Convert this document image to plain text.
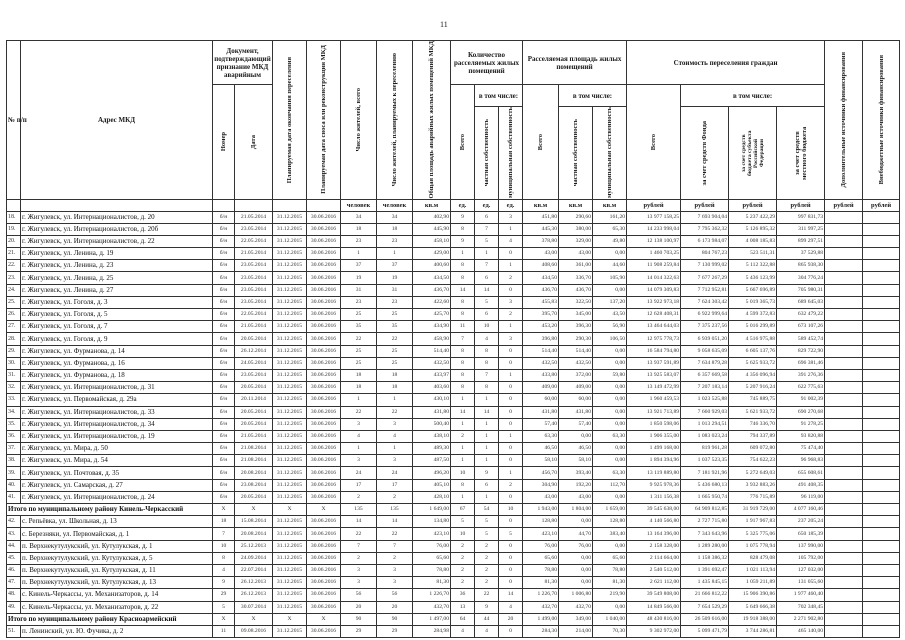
11
№ п/п	Адрес МКД	Документ, подтверждающий признание МКД аварийным		Планируемая дата окончания переселения	Планируемая дата сноса или реконструкции МКД	Число жителей, всего	Число жителей, планируемых к переселению	Общая площадь аварийных жилых помещений МКД	Количество расселяемых жилых помещений			Расселяемая площадь жилых помещений			Стоимость переселения граждан				Дополнительные источники финансирования	Внебюджетные источники финансирования

		Номер	Дата						Всего	в том числе:		Всего	в том числе:		Всего	в том числе:				

										частная собственность	муниципальная собственность		частная собственность	муниципальная собственность		за счет средств Фонда	за счет средств бюджета субъекта Российской Федерации	за счет средств местного бюджета		

						человек	человек	кв.м	ед.	ед.	ед.	кв.м	кв.м	кв.м	рублей	рублей	рублей	рублей	рублей	рублей
18.	г. Жигулевск, ул. Интернационалистов, д. 20	б/н	21.05.2014	31.12.2015	30.06.2016	34	34	402,90	9	6	3	451,80	290,60	161,20	13 977 158,25	7 693 904,04	5 237 422,29	997 831,73		
19.	г. Жигулевск, ул. Интернационалистов, д. 20б	б/н	23.05.2014	31.12.2015	30.06.2016	18	18	445,90	8	7	1	445,30	380,00	65,30	14 233 998,04	7 795 362,32	5 126 895,32	311 997,25		
20.	г. Жигулевск, ул. Интернационалистов, д. 22	б/н	22.05.2014	31.12.2015	30.06.2016	23	23	458,10	9	5	4	378,80	329,00	49,80	12 138 100,97	6 173 984,07	4 008 185,83	899 297,51		
21.	г. Жигулевск, ул. Ленина, д. 19	б/н	21.05.2014	31.12.2015	30.06.2016	1	1	429,00	1	1	0	43,00	43,00	0,00	1 460 703,25	804 767,23	523 511,31	37 529,88		
22.	г. Жигулевск, ул. Ленина, д. 23	б/н	23.05.2014	31.12.2015	30.06.2016	37	37	400,60	8	7	1	408,60	361,00	44,60	11 908 259,84	7 130 999,02	5 112 322,88	865 938,30		
23.	г. Жигулевск, ул. Ленина, д. 25	б/н	23.05.2014	31.12.2015	30.06.2016	19	19	434,50	8	6	2	434,50	336,70	105,90	14 014 322,63	7 677 267,29	5 436 123,99	304 776,24		
24.	г. Жигулевск, ул. Ленина, д. 27	б/н	23.05.2014	31.12.2015	30.06.2016	31	31	436,70	14	14	0	436,70	436,70	0,00	14 079 309,83	7 712 952,81	5 667 696,89	705 980,31		
25.	г. Жигулевск, ул. Гоголя, д. 3	б/н	23.05.2014	31.12.2015	30.06.2016	23	23	422,60	8	5	3	455,83	322,50	137,20	13 922 973,18	7 624 303,42	5 019 365,73	689 645,03		
26.	г. Жигулевск, ул. Гоголя, д. 5	б/н	22.05.2014	31.12.2015	30.06.2016	25	25	425,70	8	6	2	395,70	345,00	43,50	12 628 408,31	6 922 999,64	4 599 372,83	632 479,22		
27.	г. Жигулевск, ул. Гоголя, д. 7	б/н	21.05.2014	31.12.2015	30.06.2016	35	35	434,90	11	10	1	453,20	396,30	56,90	13 464 644,03	7 375 237,56	5 016 299,89	673 107,26		
28.	г. Жигулевск, ул. Гоголя, д. 9	б/н	20.05.2014	31.12.2015	30.06.2016	22	22	458,90	7	4	3	396,80	290,30	106,50	12 975 778,73	6 939 051,20	4 516 975,88	589 452,74		
29.	г. Жигулевск, ул. Фурманова, д. 14	б/н	26.12.2014	31.12.2015	30.06.2016	25	25	514,40	8	8	0	514,40	514,40	0,00	16 584 794,80	9 058 635,09	6 605 137,76	829 722,90		
30.	г. Жигулевск, ул. Фурманова, д. 16	б/н	24.05.2014	31.12.2015	30.06.2016	25	25	432,50	8	8	0	432,50	432,50	0,00	13 937 591,89	7 634 879,28	5 625 933,72	696 381,46		
31.	г. Жигулевск, ул. Фурманова, д. 18	б/н	23.05.2014	31.12.2015	30.06.2016	18	18	433,97	8	7	1	433,80	372,00	59,80	13 925 583,07	6 357 669,58	4 356 096,94	391 276,36		
32.	г. Жигулевск, ул. Интернационалистов, д. 31	б/н	20.05.2014	31.12.2015	30.06.2016	18	18	403,60	8	8	0	409,00	409,00	0,00	13 149 472,99	7 207 183,14	5 207 916,24	622 775,63		
33.	г. Жигулевск, ул. Первомайская, д. 29а	б/н	20.11.2014	31.12.2015	30.06.2016	1	1	430,10	1	1	0	60,00	60,00	0,00	1 960 459,53	1 023 525,88	745 889,75	91 002,39		
34.	г. Жигулевск, ул. Интернационалистов, д. 33	б/н	20.05.2014	31.12.2015	30.06.2016	22	22	431,80	14	14	0	431,80	431,80	0,00	13 921 713,89	7 660 929,03	5 621 933,72	690 270,68		
35.	г. Жигулевск, ул. Интернационалистов, д. 34	б/н	20.05.2014	31.12.2015	30.06.2016	3	3	500,40	1	1	0	57,40	57,40	0,00	1 850 598,06	1 013 294,51	746 336,70	91 278,25		
36.	г. Жигулевск, ул. Интернационалистов, д. 19	б/н	21.05.2014	31.12.2015	30.06.2016	4	4	438,10	2	1	1	63,30	0,00	63,30	1 906 355,00	1 083 023,24	794 337,89	93 820,88		
37.	г. Жигулевск, ул. Мира, д. 50	б/н	21.08.2014	31.12.2015	30.06.2016	1	1	489,30	1	1	0	46,50	46,50	0,00	1 499 168,00	819 961,28	609 072,80	75 474,40		
38.	г. Жигулевск, ул. Мира, д. 54	б/н	21.08.2014	31.12.2015	30.06.2016	3	3	487,50	1	1	0	58,10	58,10	0,00	1 894 394,96	1 037 523,35	754 622,23	96 968,83		
39.	г. Жигулевск, ул. Почтовая, д. 35	б/н	20.08.2014	31.12.2015	30.06.2016	24	24	496,20	10	9	1	456,70	393,40	63,30	13 119 889,80	7 181 921,96	5 272 649,03	655 608,61		
40.	г. Жигулевск, ул. Самарская, д. 27	б/н	23.08.2014	31.12.2015	30.06.2016	17	17	405,10	8	6	2	304,90	192,20	112,70	9 925 978,36	5 436 680,13	3 932 883,26	491 408,35		
41.	г. Жигулевск, ул. Интернационалистов, д. 24	б/н	20.05.2014	31.12.2015	30.06.2016	2	2	428,10	1	1	0	43,00	43,00	0,00	1 311 156,38	1 665 950,74	776 715,89	96 119,00		
Итого по муниципальному району Кинель-Черкасский		X	X	X	X	135	135	1 649,00	67	54	10	1 943,00	1 804,00	1 659,00	39 545 638,00	64 909 812,85	31 919 729,00	4 077 160,46		
42.	с. Репьёвка, ул. Школьная, д. 13	18	15.08.2014	31.12.2015	30.06.2016	14	14	134,80	5	5	0	128,80	0,00	128,80	4 140 566,80	2 727 715,80	1 917 967,83	237 205,24		
43.	с. Березняки, ул. Первомайская, д. 1	7	20.08.2014	31.12.2015	30.06.2016	22	22	423,10	10	5	5	423,10	44,70	383,40	13 164 396,00	7 343 643,96	5 325 775,06	650 185,39		
44.	п. Верхнекутулукский, ул. Кутулукская, д. 1	10	25.12.2013	31.12.2015	30.06.2016	7	7	76,00	2	2	0	76,00	76,00	0,00	2 158 328,00	1 289 280,00	1 075 778,94	137 990,00		
45.	п. Верхнекутулукский, ул. Кутулукская, д. 5	8	24.09.2014	31.12.2015	30.06.2016	2	2	65,60	2	2	0	65,60	0,00	65,60	2 114 664,00	1 158 386,32	828 479,08	105 792,00		
46.	п. Верхнекутулукский, ул. Кутулукская, д. 11	4	22.07.2014	31.12.2015	30.06.2016	3	3	78,80	2	2	0	78,80	0,00	78,80	2 540 512,00	1 391 692,47	1 021 113,94	127 032,00		
47.	п. Верхнекутулукский, ул. Кутулукская, д. 13	9	26.12.2013	31.12.2015	30.06.2016	3	3	81,30	2	2	0	81,30	0,00	81,30	2 621 112,00	1 435 845,15	1 059 211,89	131 055,60		
48.	с. Кинель-Черкассы, ул. Механизаторов, д. 14	29	26.12.2013	31.12.2015	30.06.2016	56	56	1 226,70	36	22	14	1 226,70	1 006,80	219,90	39 549 808,00	21 666 812,22	15 906 390,86	1 977 460,40		
49.	с. Кинель-Черкассы, ул. Механизаторов, д. 22	5	30.07.2014	31.12.2015	30.06.2016	20	20	432,70	13	9	4	432,70	432,70	0,00	14 849 566,00	7 654 529,29	5 649 666,38	702 348,45		
Итого по муниципальному району Красноармейский		X	X	X	X	90	90	1 497,00	64	44	20	1 499,00	349,00	1 040,00	48 430 816,00	26 509 616,00	19 918 388,00	2 271 902,80		
51.	п. Ленинский, ул. Ю. Фучика, д. 2	11	09.08.2016	31.12.2015	30.06.2016	29	29	284,98	4	4	0	284,30	214,00	70,30	9 302 972,00	5 099 471,79	3 744 286,81	465 140,00		
